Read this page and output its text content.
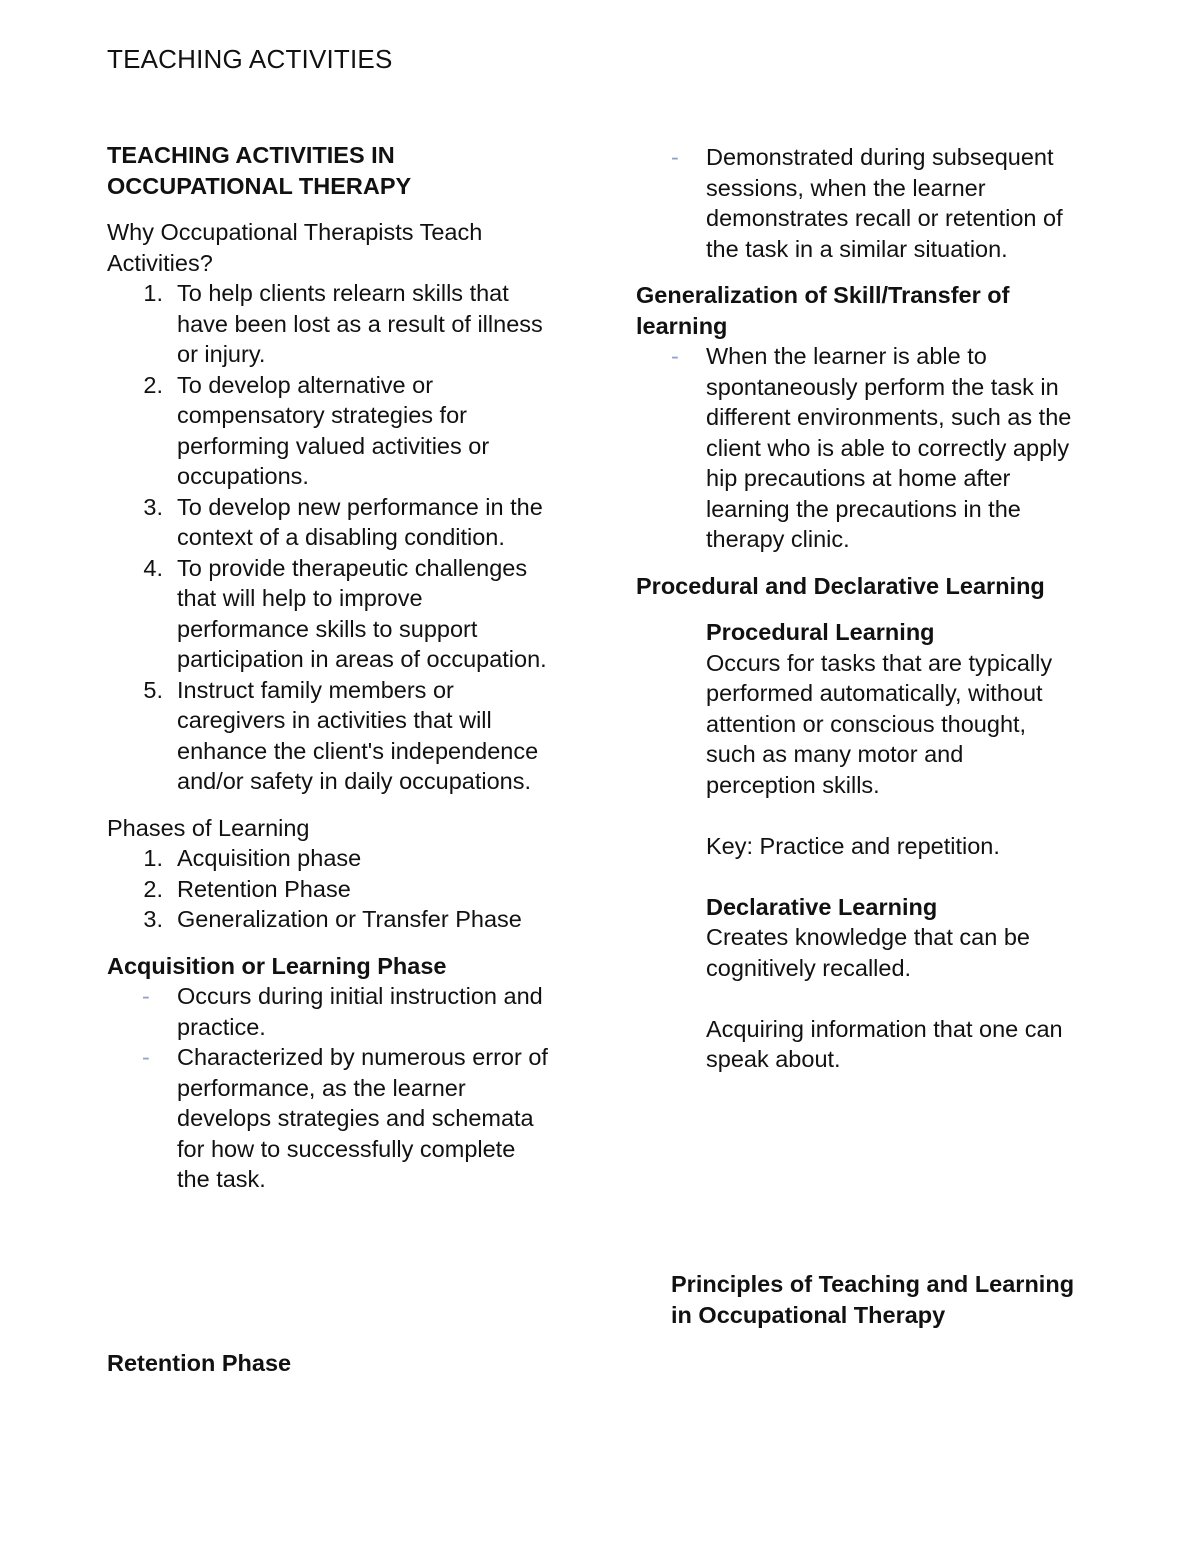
TEACHING ACTIVITIES
TEACHING ACTIVITIES IN
OCCUPATIONAL THERAPY
Why Occupational Therapists Teach
Activities?
1. To help clients relearn skills that
have been lost as a result of illness
or injury.
2. To develop alternative or
compensatory strategies for
performing valued activities or
occupations.
3. To develop new performance in the
context of a disabling condition.
4. To provide therapeutic challenges
that will help to improve
performance skills to support
participation in areas of occupation.
5. Instruct family members or
caregivers in activities that will
enhance the client's independence
and/or safety in daily occupations.
Phases of Learning
1. Acquisition phase
2. Retention Phase
3. Generalization or Transfer Phase
Acquisition or Learning Phase
- Occurs during initial instruction and
practice.
- Characterized by numerous error of
performance, as the learner
develops strategies and schemata
for how to successfully complete
the task.
Retention Phase
- Demonstrated during subsequent
sessions, when the learner
demonstrates recall or retention of
the task in a similar situation.
Generalization of Skill/Transfer of
learning
- When the learner is able to
spontaneously perform the task in
different environments, such as the
client who is able to correctly apply
hip precautions at home after
learning the precautions in the
therapy clinic.
Procedural and Declarative Learning
Procedural Learning
Occurs for tasks that are typically
performed automatically, without
attention or conscious thought,
such as many motor and
perception skills.
Key: Practice and repetition.
Declarative Learning
Creates knowledge that can be
cognitively recalled.
Acquiring information that one can
speak about.
Principles of Teaching and Learning
in Occupational Therapy
